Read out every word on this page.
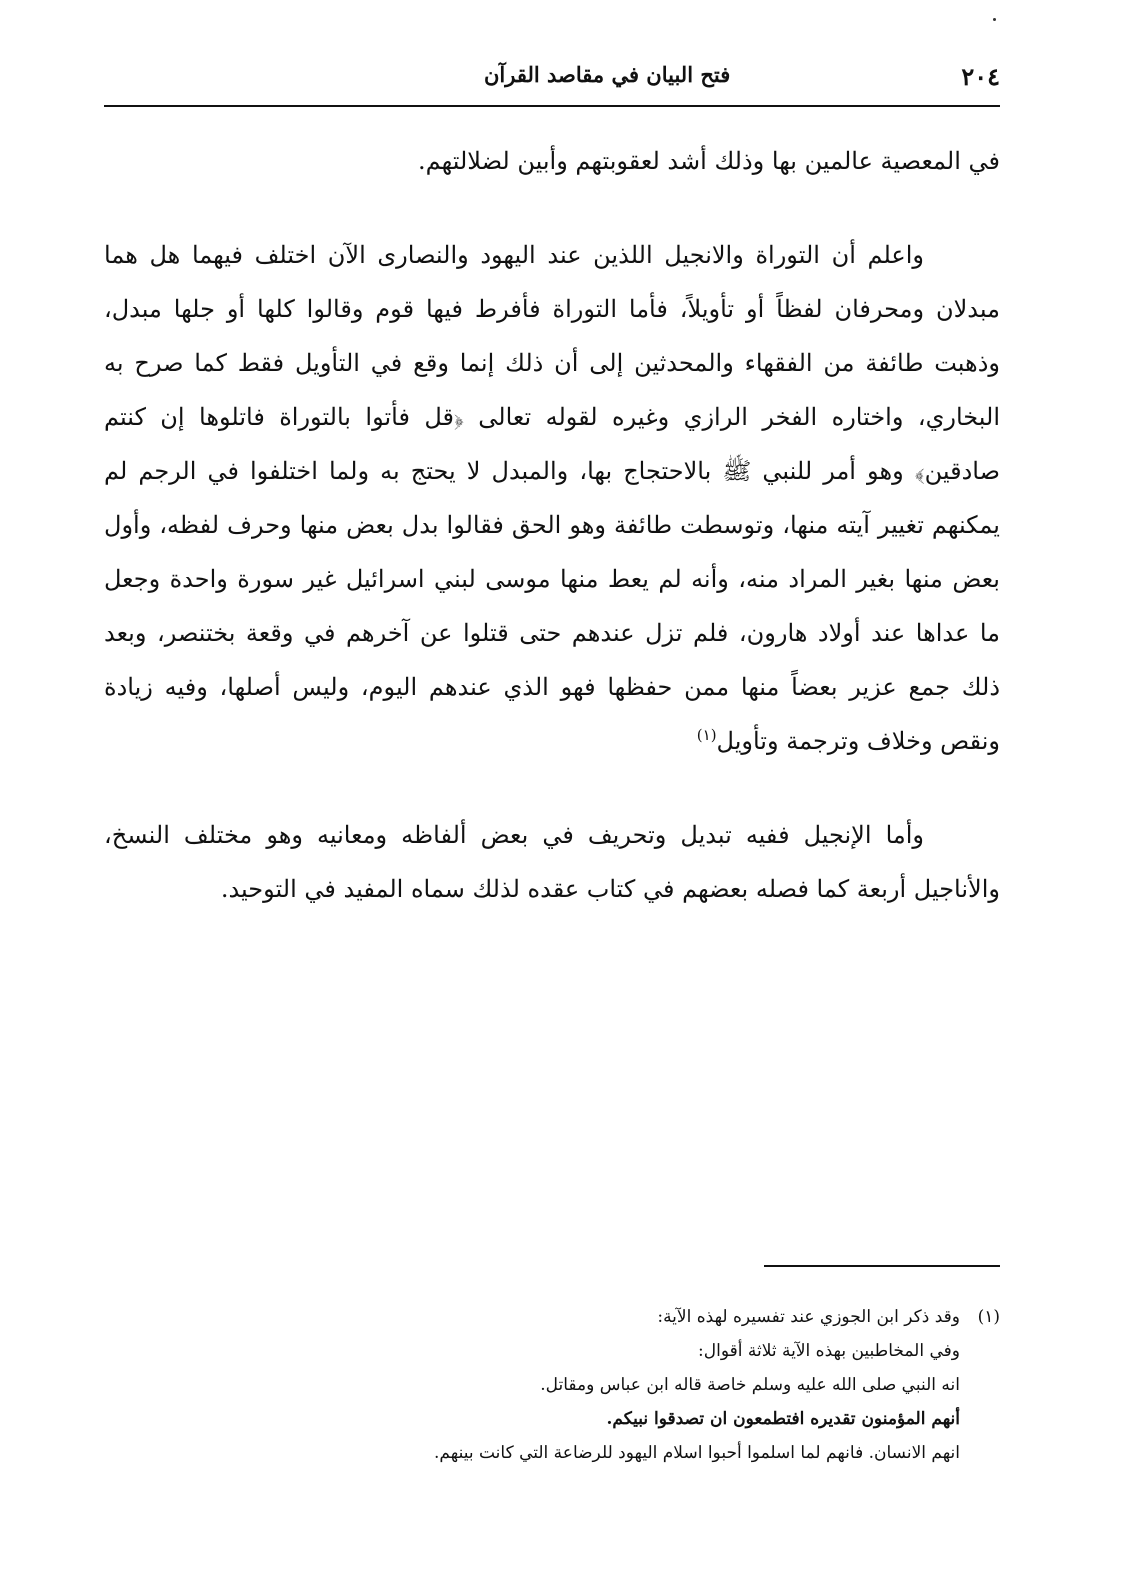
٢٠٤
فتح البيان في مقاصد القرآن

في المعصية عالمين بها وذلك أشد لعقوبتهم وأبين لضلالتهم.

واعلم أن التوراة والانجيل اللذين عند اليهود والنصارى الآن اختلف فيهما هل هما مبدلان ومحرفان لفظاً أو تأويلاً، فأما التوراة فأفرط فيها قوم وقالوا كلها أو جلها مبدل، وذهبت طائفة من الفقهاء والمحدثين إلى أن ذلك إنما وقع في التأويل فقط كما صرح به البخاري، واختاره الفخر الرازي وغيره لقوله تعالى ﴿قل فأتوا بالتوراة فاتلوها إن كنتم صادقين﴾ وهو أمر للنبي ﷺ بالاحتجاج بها، والمبدل لا يحتج به ولما اختلفوا في الرجم لم يمكنهم تغيير آيته منها، وتوسطت طائفة وهو الحق فقالوا بدل بعض منها وحرف لفظه، وأول بعض منها بغير المراد منه، وأنه لم يعط منها موسى لبني اسرائيل غير سورة واحدة وجعل ما عداها عند أولاد هارون، فلم تزل عندهم حتى قتلوا عن آخرهم في وقعة بختنصر، وبعد ذلك جمع عزير بعضاً منها ممن حفظها فهو الذي عندهم اليوم، وليس أصلها، وفيه زيادة ونقص وخلاف وترجمة وتأويل$^{(١)}$

وأما الإنجيل ففيه تبديل وتحريف في بعض ألفاظه ومعانيه وهو مختلف النسخ، والأناجيل أربعة كما فصله بعضهم في كتاب عقده لذلك سماه المفيد في التوحيد.

(١)وقد ذكر ابن الجوزي عند تفسيره لهذه الآية:
وفي المخاطبين بهذه الآية ثلاثة أقوال:
انه النبي صلى الله عليه وسلم خاصة قاله ابن عباس ومقاتل.
أنهم المؤمنون تقديره افتطمعون ان تصدقوا نبيكم.
انهم الانسان. فانهم لما اسلموا أحبوا اسلام اليهود للرضاعة التي كانت بينهم.
